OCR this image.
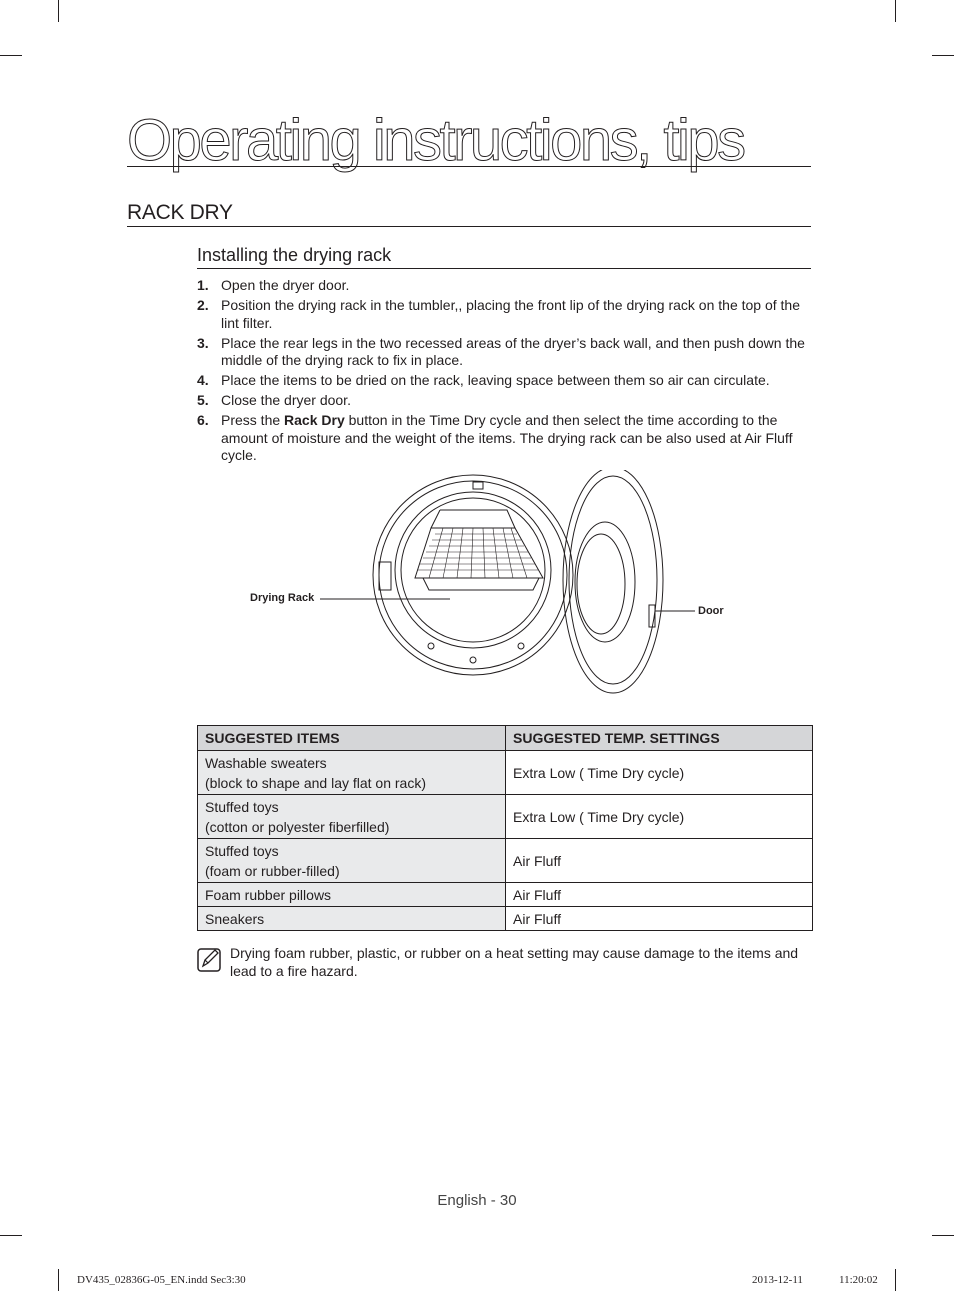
Operating instructions, tips
RACK DRY
Installing the drying rack
1. Open the dryer door.
2. Position the drying rack in the tumbler,, placing the front lip of the drying rack on the top of the lint filter.
3. Place the rear legs in the two recessed areas of the dryer’s back wall, and then push down the middle of the drying rack to fix in place.
4. Place the items to be dried on the rack, leaving space between them so air can circulate.
5. Close the dryer door.
6. Press the Rack Dry button in the Time Dry cycle and then select the time according to the amount of moisture and the weight of the items. The drying rack can be also used at Air Fluff cycle.
Drying Rack
Door
SUGGESTED ITEMS	SUGGESTED TEMP. SETTINGS

Washable sweaters
(block to shape and lay flat on rack)	Extra Low ( Time Dry cycle)

Stuffed toys
(cotton or polyester fiberfilled)	Extra Low ( Time Dry cycle)

Stuffed toys
(foam or rubber-filled)	Air Fluff
Foam rubber pillows	Air Fluff
Sneakers	Air Fluff
Drying foam rubber, plastic, or rubber on a heat setting may cause damage to the items and lead to a fire hazard.
English - 30
DV435_02836G-05_EN.indd Sec3:30	2013-12-11	11:20:02
